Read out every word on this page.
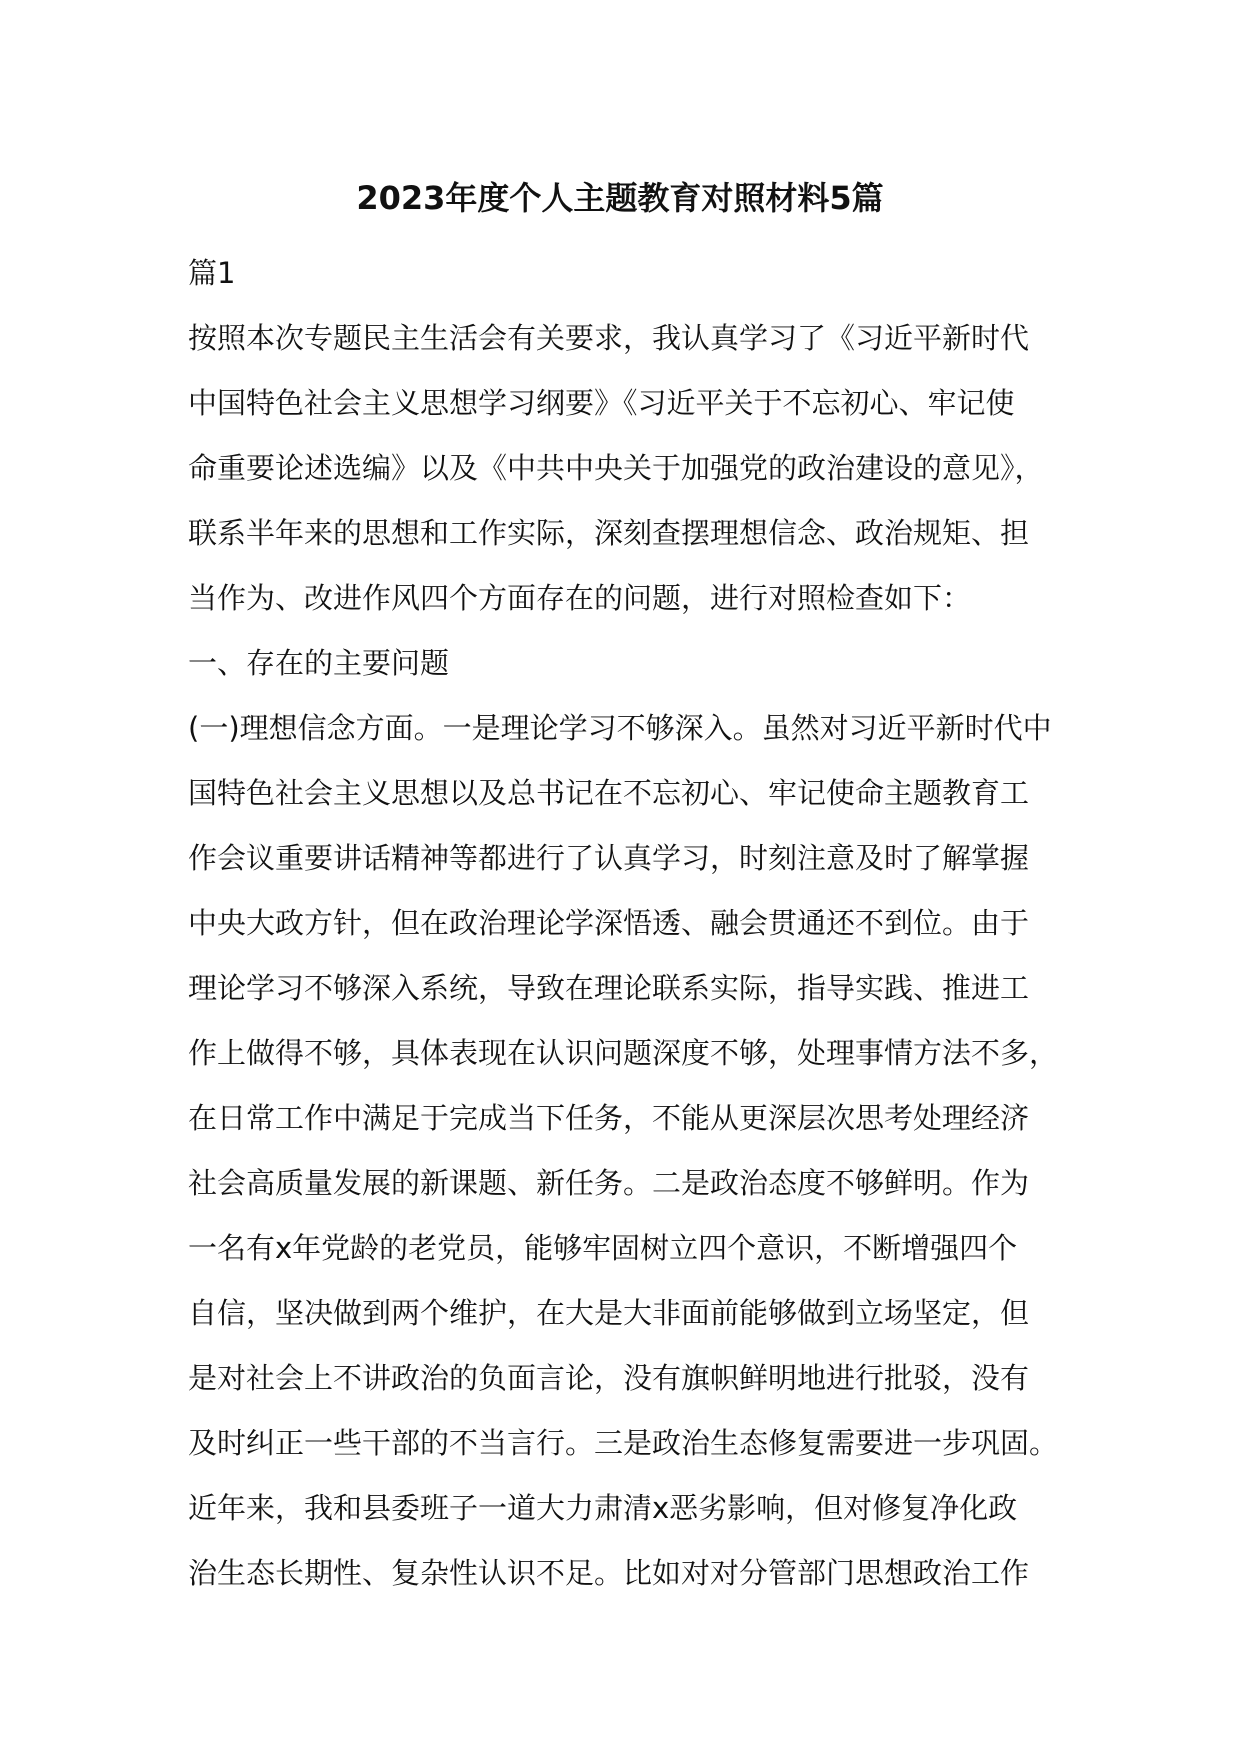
2023年度个人主题教育对照材料5篇

篇1

按照本次专题民主生活会有关要求，我认真学习了《习近平新时代

中国特色社会主义思想学习纲要》《习近平关于不忘初心、牢记使

命重要论述选编》以及《中共中央关于加强党的政治建设的意见》，

联系半年来的思想和工作实际，深刻查摆理想信念、政治规矩、担

当作为、改进作风四个方面存在的问题，进行对照检查如下：

一、存在的主要问题

(一)理想信念方面。一是理论学习不够深入。虽然对习近平新时代中

国特色社会主义思想以及总书记在不忘初心、牢记使命主题教育工

作会议重要讲话精神等都进行了认真学习，时刻注意及时了解掌握

中央大政方针，但在政治理论学深悟透、融会贯通还不到位。由于

理论学习不够深入系统，导致在理论联系实际，指导实践、推进工

作上做得不够，具体表现在认识问题深度不够，处理事情方法不多，

在日常工作中满足于完成当下任务，不能从更深层次思考处理经济

社会高质量发展的新课题、新任务。二是政治态度不够鲜明。作为

一名有x年党龄的老党员，能够牢固树立四个意识，不断增强四个

自信，坚决做到两个维护，在大是大非面前能够做到立场坚定，但

是对社会上不讲政治的负面言论，没有旗帜鲜明地进行批驳，没有

及时纠正一些干部的不当言行。三是政治生态修复需要进一步巩固。

近年来，我和县委班子一道大力肃清x恶劣影响，但对修复净化政

治生态长期性、复杂性认识不足。比如对对分管部门思想政治工作
